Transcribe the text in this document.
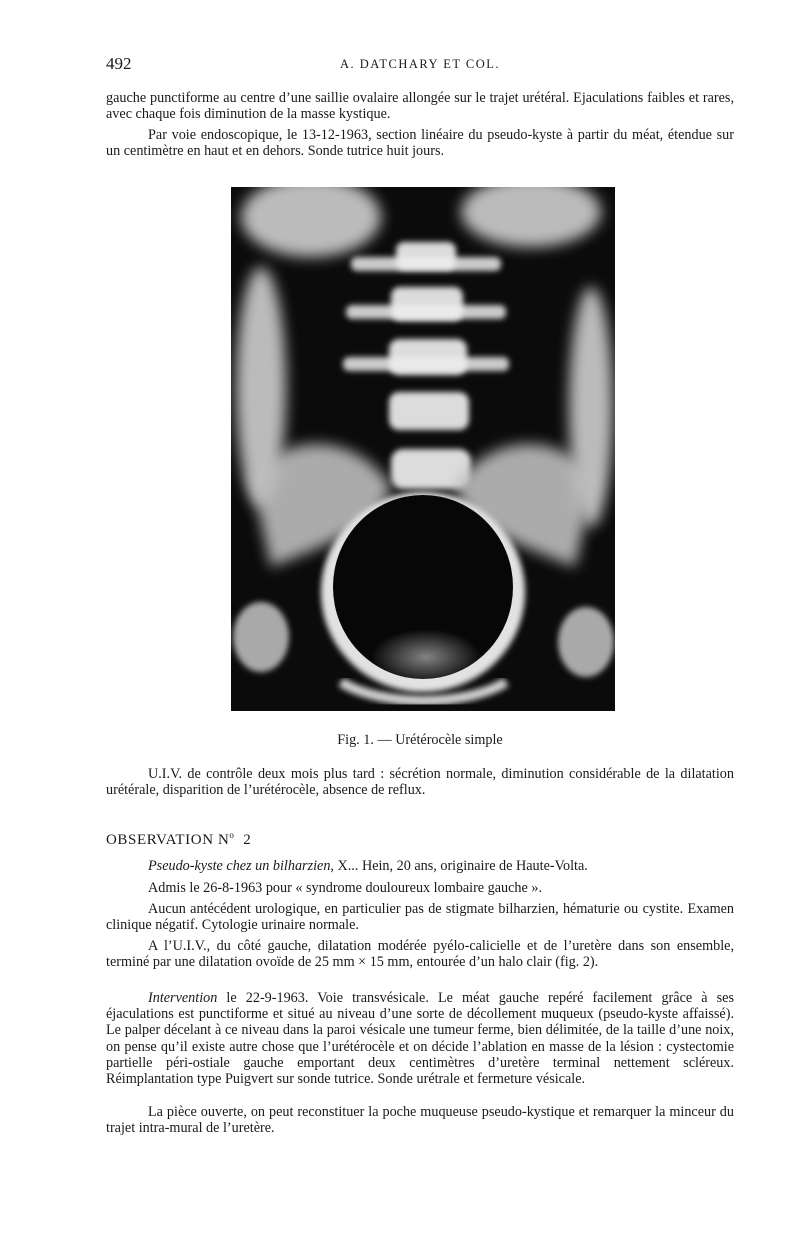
492	A. DATCHARY ET COL.

gauche punctiforme au centre d’une saillie ovalaire allongée sur le trajet urétéral. Ejaculations faibles et rares, avec chaque fois diminution de la masse kystique.

Par voie endoscopique, le 13-12-1963, section linéaire du pseudo-kyste à partir du méat, étendue sur un centimètre en haut et en dehors. Sonde tutrice huit jours.

Fig. 1. — Urétérocèle simple

U.I.V. de contrôle deux mois plus tard : sécrétion normale, diminution considérable de la dilatation urétérale, disparition de l’urétérocèle, absence de reflux.

OBSERVATION $N^o$ 2

Pseudo-kyste chez un bilharzien, X... Hein, 20 ans, originaire de Haute-Volta.

Admis le 26-8-1963 pour « syndrome douloureux lombaire gauche ».

Aucun antécédent urologique, en particulier pas de stigmate bilharzien, hématurie ou cystite. Examen clinique négatif. Cytologie urinaire normale.

A l’U.I.V., du côté gauche, dilatation modérée pyélo-calicielle et de l’uretère dans son ensemble, terminé par une dilatation ovoïde de 25 mm × 15 mm, entourée d’un halo clair (fig. 2).

Intervention le 22-9-1963. Voie transvésicale. Le méat gauche repéré facilement grâce à ses éjaculations est punctiforme et situé au niveau d’une sorte de décollement muqueux (pseudo-kyste affaissé). Le palper décelant à ce niveau dans la paroi vésicale une tumeur ferme, bien délimitée, de la taille d’une noix, on pense qu’il existe autre chose que l’urétérocèle et on décide l’ablation en masse de la lésion : cystectomie partielle péri-ostiale gauche emportant deux centimètres d’uretère terminal nettement scléreux. Réimplantation type Puigvert sur sonde tutrice. Sonde urétrale et fermeture vésicale.

La pièce ouverte, on peut reconstituer la poche muqueuse pseudo-kystique et remarquer la minceur du trajet intra-mural de l’uretère.
